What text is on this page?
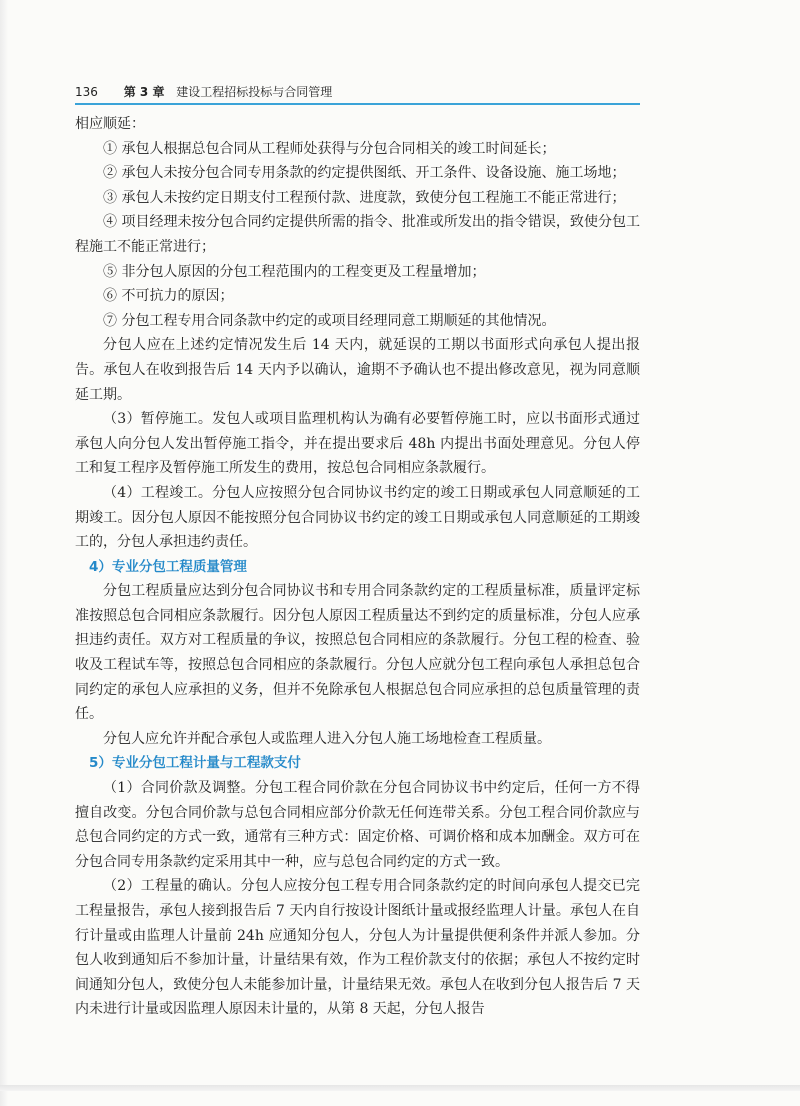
136 第 3 章 建设工程招标投标与合同管理

相应顺延：

① 承包人根据总包合同从工程师处获得与分包合同相关的竣工时间延长；

② 承包人未按分包合同专用条款的约定提供图纸、开工条件、设备设施、施工场地；

③ 承包人未按约定日期支付工程预付款、进度款，致使分包工程施工不能正常进行；

④ 项目经理未按分包合同约定提供所需的指令、批准或所发出的指令错误，致使分包工程施工不能正常进行；

⑤ 非分包人原因的分包工程范围内的工程变更及工程量增加；

⑥ 不可抗力的原因；

⑦ 分包工程专用合同条款中约定的或项目经理同意工期顺延的其他情况。

分包人应在上述约定情况发生后 14 天内，就延误的工期以书面形式向承包人提出报告。承包人在收到报告后 14 天内予以确认，逾期不予确认也不提出修改意见，视为同意顺延工期。

（3）暂停施工。发包人或项目监理机构认为确有必要暂停施工时，应以书面形式通过承包人向分包人发出暂停施工指令，并在提出要求后 48h 内提出书面处理意见。分包人停工和复工程序及暂停施工所发生的费用，按总包合同相应条款履行。

（4）工程竣工。分包人应按照分包合同协议书约定的竣工日期或承包人同意顺延的工期竣工。因分包人原因不能按照分包合同协议书约定的竣工日期或承包人同意顺延的工期竣工的，分包人承担违约责任。

4）专业分包工程质量管理

分包工程质量应达到分包合同协议书和专用合同条款约定的工程质量标准，质量评定标准按照总包合同相应条款履行。因分包人原因工程质量达不到约定的质量标准，分包人应承担违约责任。双方对工程质量的争议，按照总包合同相应的条款履行。分包工程的检查、验收及工程试车等，按照总包合同相应的条款履行。分包人应就分包工程向承包人承担总包合同约定的承包人应承担的义务，但并不免除承包人根据总包合同应承担的总包质量管理的责任。

分包人应允许并配合承包人或监理人进入分包人施工场地检查工程质量。

5）专业分包工程计量与工程款支付

（1）合同价款及调整。分包工程合同价款在分包合同协议书中约定后，任何一方不得擅自改变。分包合同价款与总包合同相应部分价款无任何连带关系。分包工程合同价款应与总包合同约定的方式一致，通常有三种方式：固定价格、可调价格和成本加酬金。双方可在分包合同专用条款约定采用其中一种，应与总包合同约定的方式一致。

（2）工程量的确认。分包人应按分包工程专用合同条款约定的时间向承包人提交已完工程量报告，承包人接到报告后 7 天内自行按设计图纸计量或报经监理人计量。承包人在自行计量或由监理人计量前 24h 应通知分包人，分包人为计量提供便利条件并派人参加。分包人收到通知后不参加计量，计量结果有效，作为工程价款支付的依据；承包人不按约定时间通知分包人，致使分包人未能参加计量，计量结果无效。承包人在收到分包人报告后 7 天内未进行计量或因监理人原因未计量的，从第 8 天起，分包人报告
